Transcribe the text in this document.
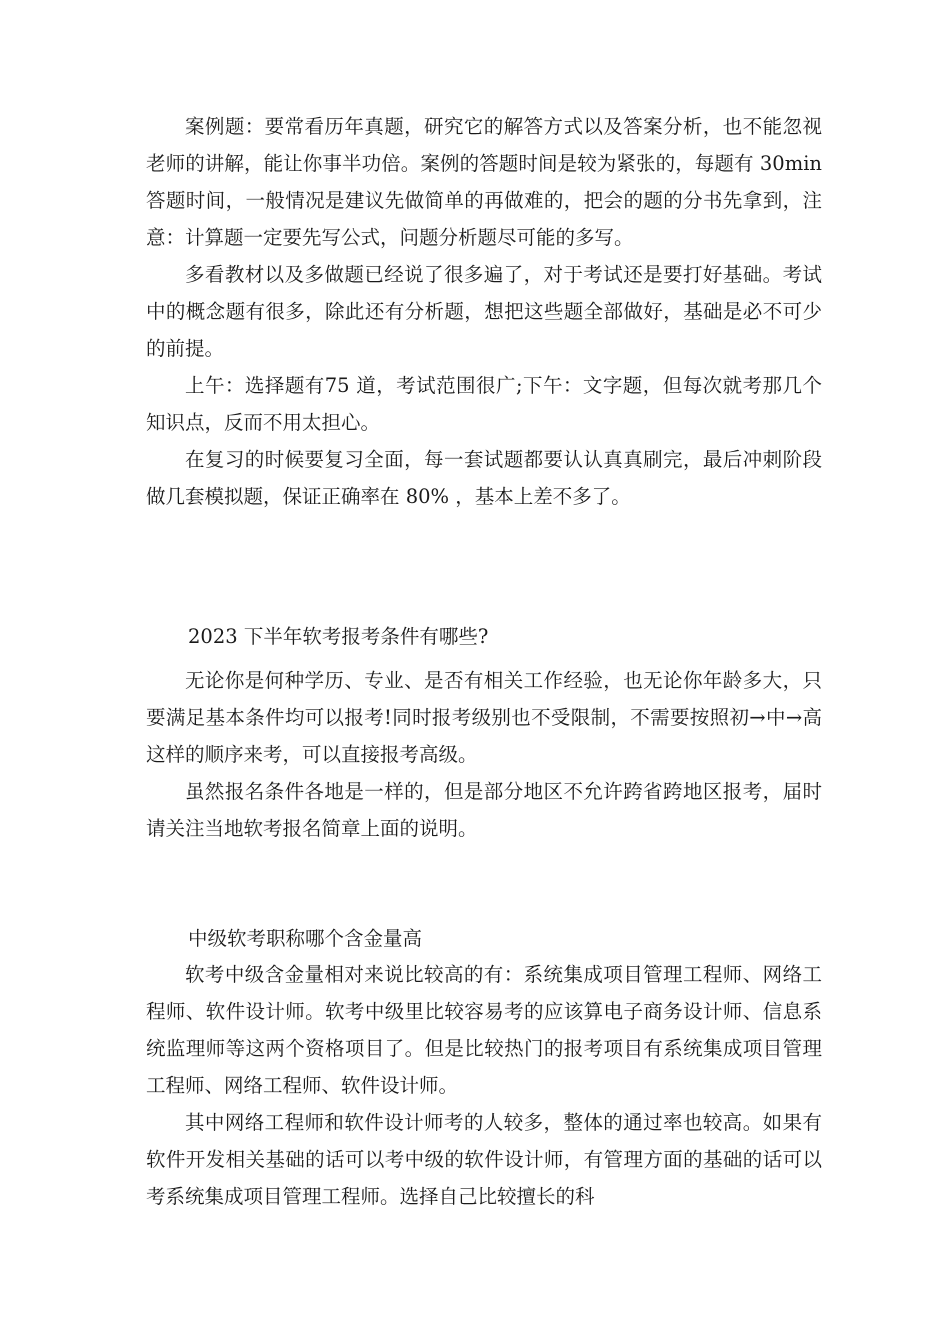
案例题：要常看历年真题，研究它的解答方式以及答案分析，也不能忽视老师的讲解，能让你事半功倍。案例的答题时间是较为紧张的，每题有 30min 答题时间，一般情况是建议先做简单的再做难的，把会的题的分书先拿到，注意：计算题一定要先写公式，问题分析题尽可能的多写。

多看教材以及多做题已经说了很多遍了，对于考试还是要打好基础。考试中的概念题有很多，除此还有分析题，想把这些题全部做好，基础是必不可少的前提。

上午：选择题有75 道，考试范围很广;下午：文字题，但每次就考那几个知识点，反而不用太担心。

在复习的时候要复习全面，每一套试题都要认认真真刷完，最后冲刺阶段做几套模拟题，保证正确率在 80% ，基本上差不多了。

2023 下半年软考报考条件有哪些?

无论你是何种学历、专业、是否有相关工作经验，也无论你年龄多大，只要满足基本条件均可以报考!同时报考级别也不受限制，不需要按照初→中→高这样的顺序来考，可以直接报考高级。

虽然报名条件各地是一样的，但是部分地区不允许跨省跨地区报考，届时请关注当地软考报名简章上面的说明。

中级软考职称哪个含金量高

软考中级含金量相对来说比较高的有：系统集成项目管理工程师、网络工程师、软件设计师。软考中级里比较容易考的应该算电子商务设计师、信息系统监理师等这两个资格项目了。但是比较热门的报考项目有系统集成项目管理工程师、网络工程师、软件设计师。

其中网络工程师和软件设计师考的人较多，整体的通过率也较高。如果有软件开发相关基础的话可以考中级的软件设计师，有管理方面的基础的话可以考系统集成项目管理工程师。选择自己比较擅长的科
